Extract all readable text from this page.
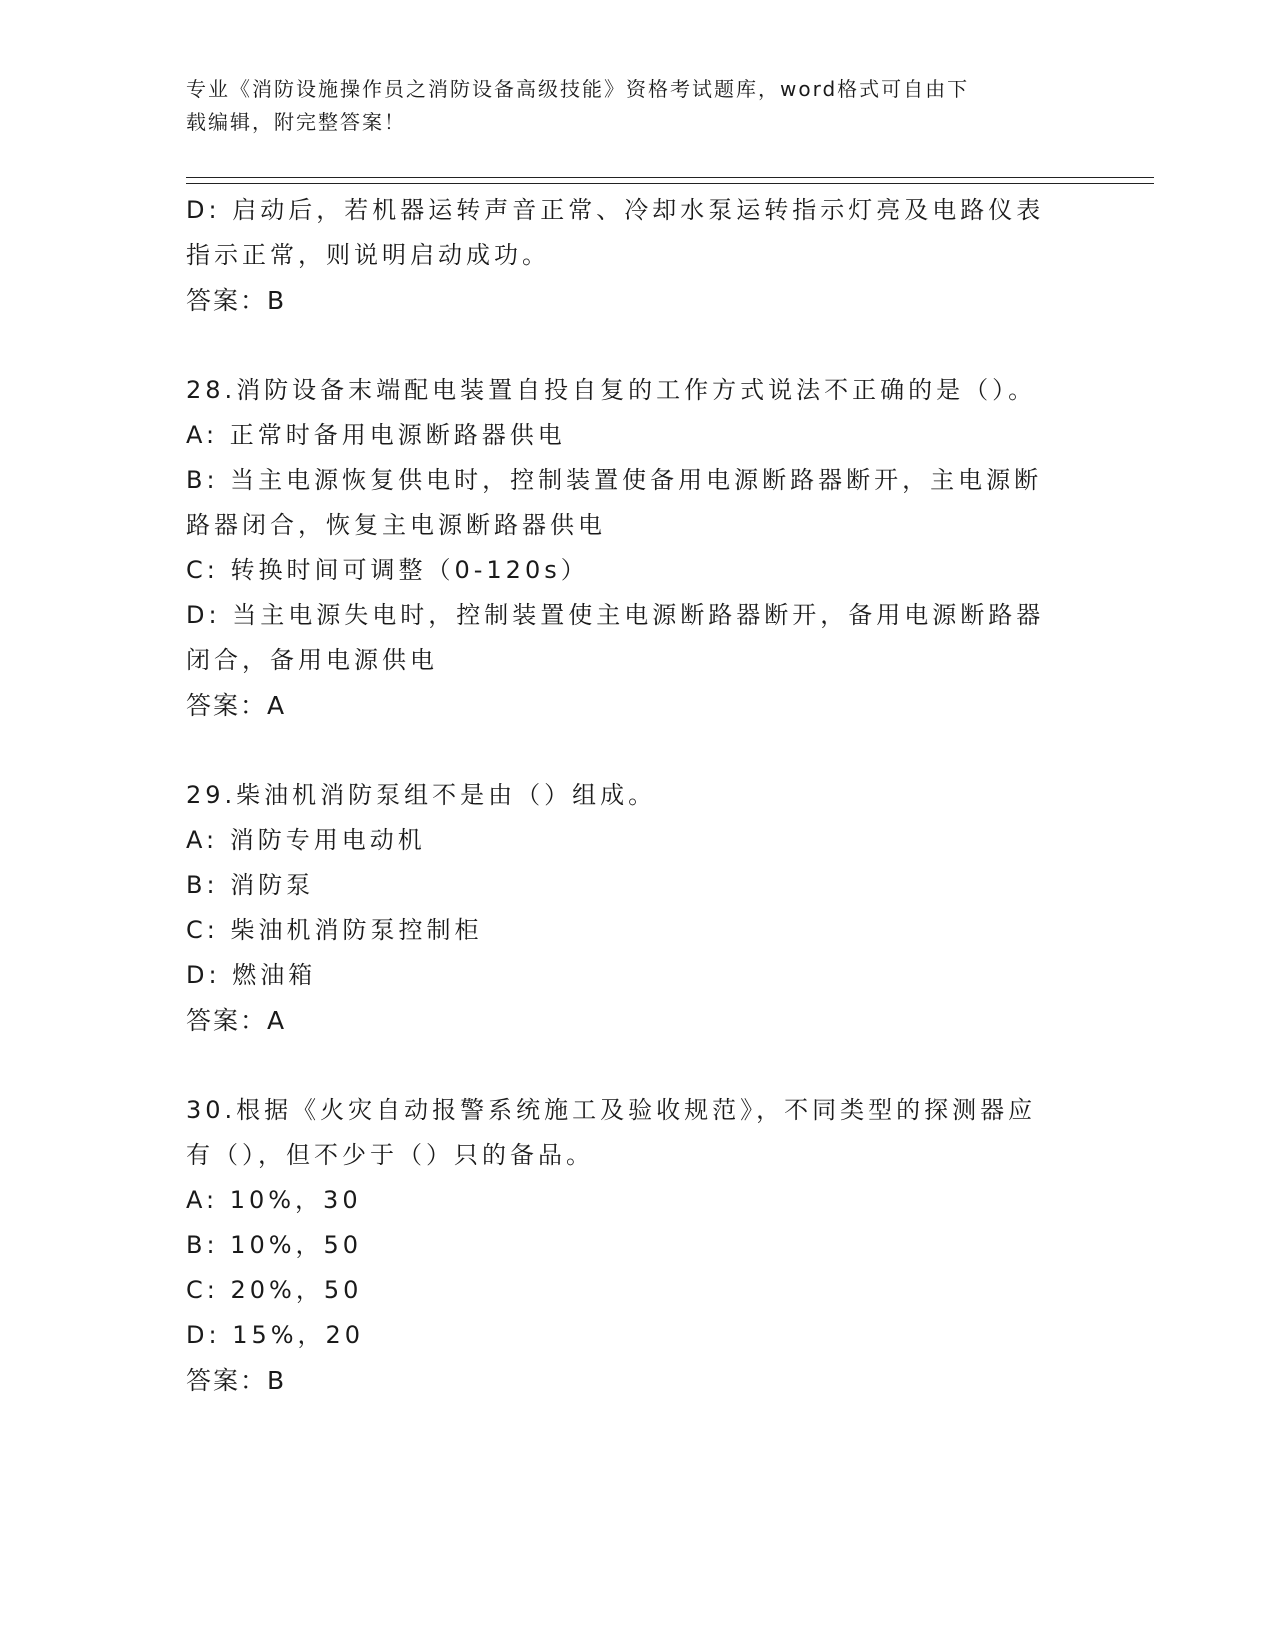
专业《消防设施操作员之消防设备高级技能》资格考试题库，word格式可自由下
载编辑，附完整答案！
D: 启动后，若机器运转声音正常、冷却水泵运转指示灯亮及电路仪表
指示正常，则说明启动成功。
答案：B
28.消防设备末端配电装置自投自复的工作方式说法不正确的是（）。
A: 正常时备用电源断路器供电
B: 当主电源恢复供电时，控制装置使备用电源断路器断开，主电源断
路器闭合，恢复主电源断路器供电
C: 转换时间可调整（0-120s）
D: 当主电源失电时，控制装置使主电源断路器断开，备用电源断路器
闭合，备用电源供电
答案：A
29.柴油机消防泵组不是由（）组成。
A: 消防专用电动机
B: 消防泵
C: 柴油机消防泵控制柜
D: 燃油箱
答案：A
30.根据《火灾自动报警系统施工及验收规范》，不同类型的探测器应
有（），但不少于（）只的备品。
A: 10%，30
B: 10%，50
C: 20%，50
D: 15%，20
答案：B
